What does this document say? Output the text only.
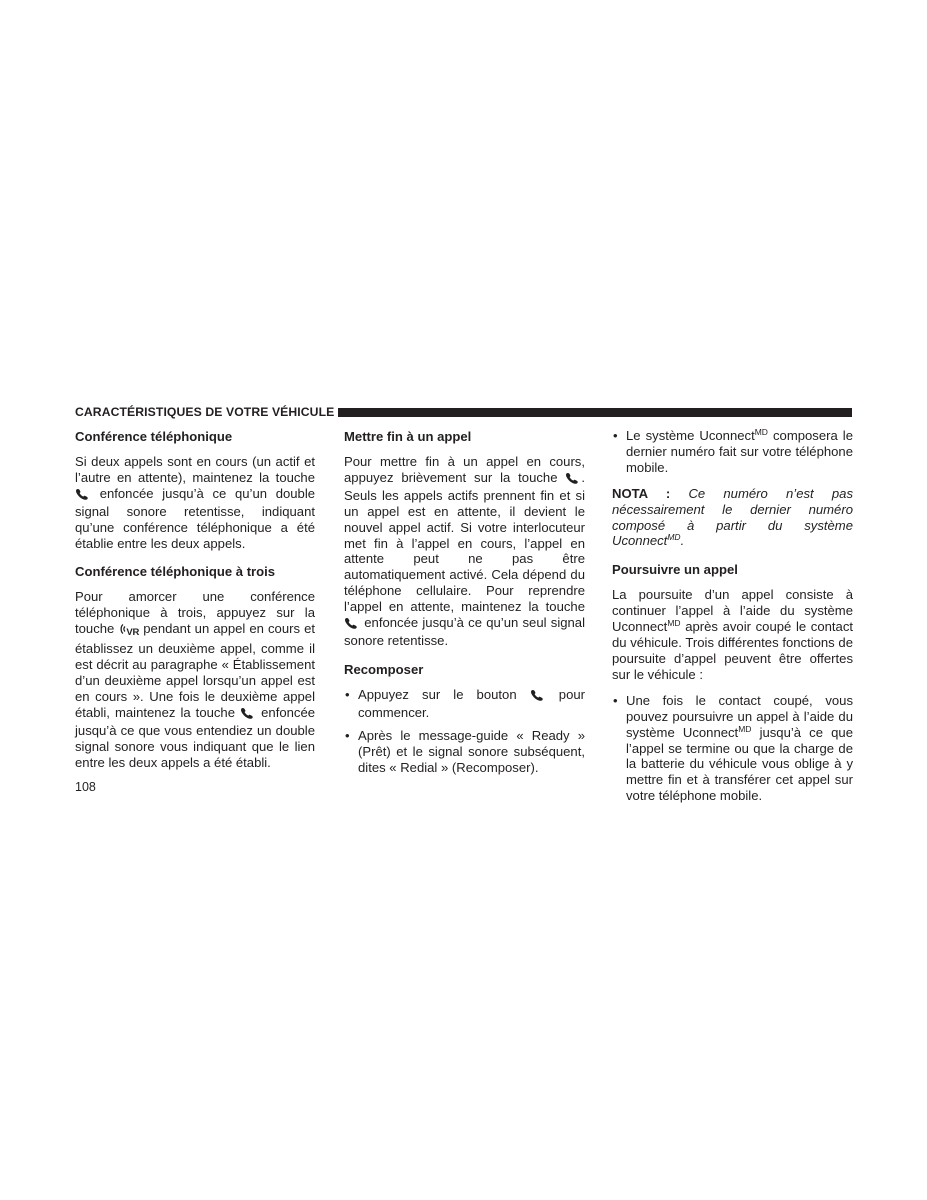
CARACTÉRISTIQUES DE VOTRE VÉHICULE
Conférence téléphonique

Si deux appels sont en cours (un actif et l’autre en attente), maintenez la touche  enfoncée jusqu’à ce qu’un double signal sonore retentisse, indiquant qu’une conférence téléphonique a été établie entre les deux appels.

Conférence téléphonique à trois

Pour amorcer une conférence téléphonique à trois, appuyez sur la touche VR pendant un appel en cours et établissez un deuxième appel, comme il est décrit au paragraphe « Établissement d’un deuxième appel lorsqu’un appel est en cours ». Une fois le deuxième appel établi, maintenez la touche enfoncée jusqu’à ce que vous entendiez un double signal sonore vous indiquant que le lien entre les deux appels a été établi.

Mettre fin à un appel

Pour mettre fin à un appel en cours, appuyez brièvement sur la touche . Seuls les appels actifs prennent fin et si un appel est en attente, il devient le nouvel appel actif. Si votre interlocuteur met fin à l’appel en cours, l’appel en attente peut ne pas être automatiquement activé. Cela dépend du téléphone cellulaire. Pour reprendre l’appel en attente, maintenez la touche  enfoncée jusqu’à ce qu’un seul signal sonore retentisse.

Recomposer
• Appuyez sur le bouton	pour commencer.
• Après le message-guide « Ready » (Prêt) et le signal sonore subséquent, dites « Redial » (Recomposer).
• Le système Uconnect$^{MD}$ composera le dernier numéro fait sur votre téléphone mobile.

NOTA : Ce numéro n’est pas nécessairement le dernier numéro composé à partir du système Uconnect$^{MD}$.

Poursuivre un appel

La poursuite d’un appel consiste à continuer l’appel à l’aide du système Uconnect$^{MD}$ après avoir coupé le contact du véhicule. Trois différentes fonctions de poursuite d’appel peuvent être offertes sur le véhicule :

• Une fois le contact coupé, vous pouvez poursuivre un appel à l’aide du système Uconnect$^{MD}$ jusqu’à ce que l’appel se termine ou que la charge de la batterie du véhicule vous oblige à y mettre fin et à transférer cet appel sur votre téléphone mobile.
108
